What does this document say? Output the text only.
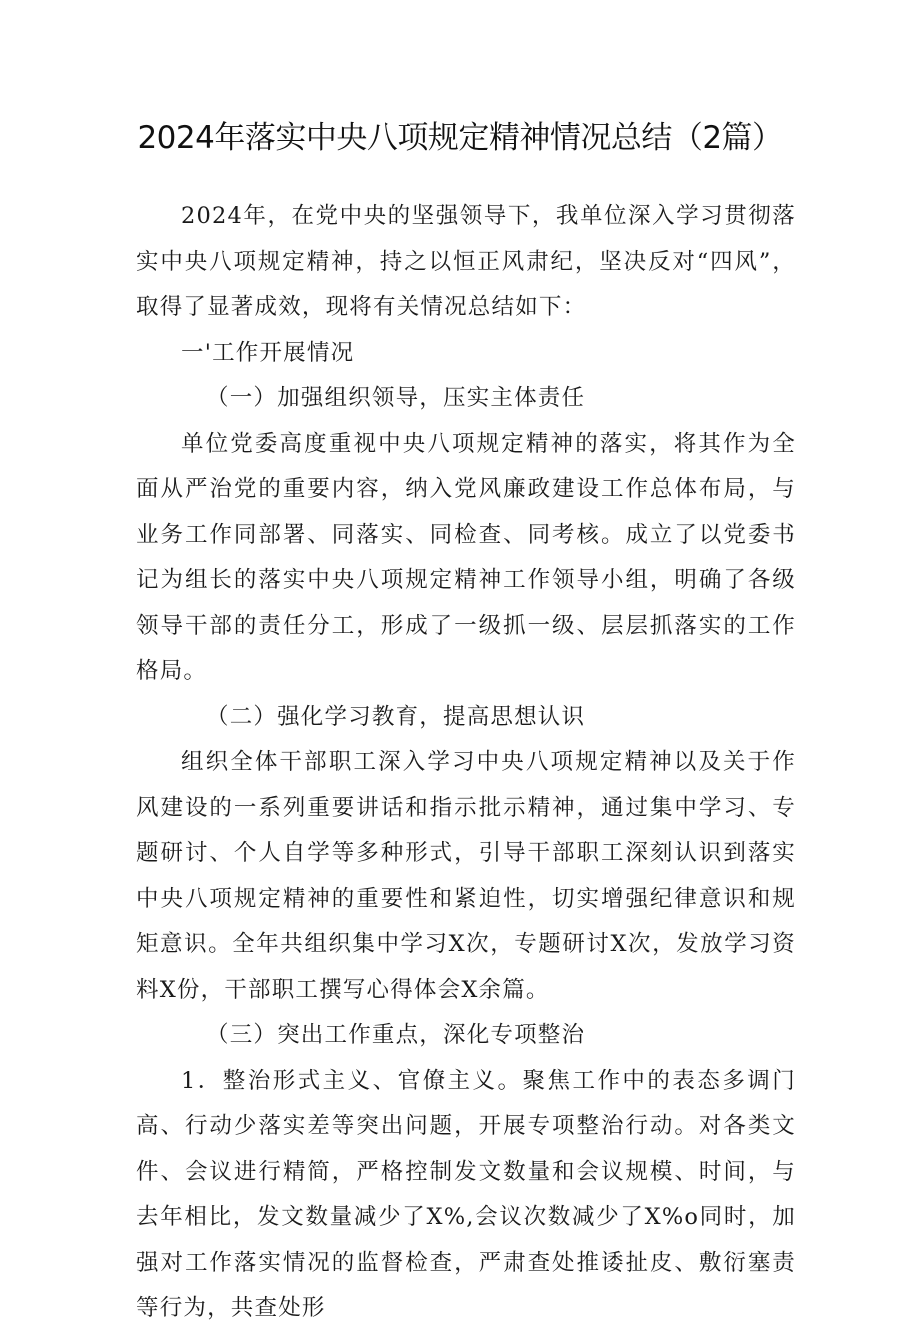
2024年落实中央八项规定精神情况总结（2篇）

2024年，在党中央的坚强领导下，我单位深入学习贯彻落实中央八项规定精神，持之以恒正风肃纪，坚决反对“四风”，取得了显著成效，现将有关情况总结如下：

一'工作开展情况

（一）加强组织领导，压实主体责任

单位党委高度重视中央八项规定精神的落实，将其作为全面从严治党的重要内容，纳入党风廉政建设工作总体布局，与业务工作同部署、同落实、同检查、同考核。成立了以党委书记为组长的落实中央八项规定精神工作领导小组，明确了各级领导干部的责任分工，形成了一级抓一级、层层抓落实的工作格局。

（二）强化学习教育，提高思想认识

组织全体干部职工深入学习中央八项规定精神以及关于作风建设的一系列重要讲话和指示批示精神，通过集中学习、专题研讨、个人自学等多种形式，引导干部职工深刻认识到落实中央八项规定精神的重要性和紧迫性，切实增强纪律意识和规矩意识。全年共组织集中学习X次，专题研讨X次，发放学习资料X份，干部职工撰写心得体会X余篇。

（三）突出工作重点，深化专项整治

1．整治形式主义、官僚主义。聚焦工作中的表态多调门高、行动少落实差等突出问题，开展专项整治行动。对各类文件、会议进行精简，严格控制发文数量和会议规模、时间，与去年相比，发文数量减少了X%,会议次数减少了X%o同时，加强对工作落实情况的监督检查，严肃查处推诿扯皮、敷衍塞责等行为，共查处形
